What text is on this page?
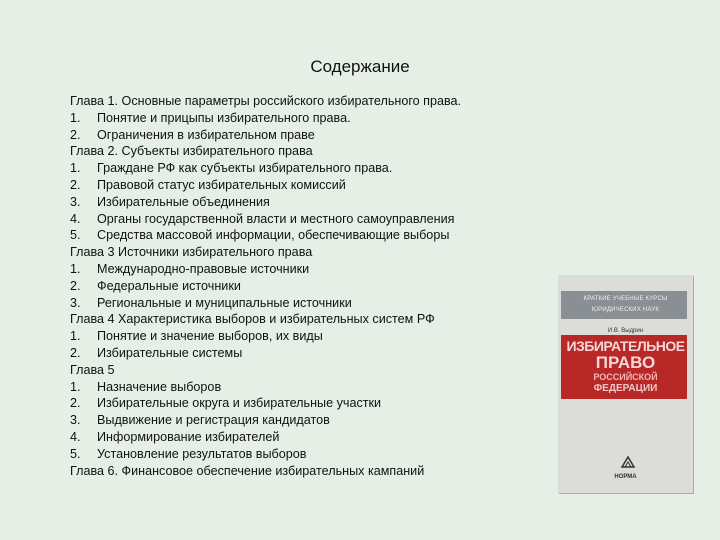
Содержание
Глава 1. Основные параметры российского избирательного права.
1. Понятие и прицыпы избирательного права.
2. Ограничения в избирательном праве
Глава 2. Субъекты избирательного права
1. Граждане РФ как субъекты избирательного права.
2. Правовой статус избирательных комиссий
3. Избирательные объединения
4. Органы государственной власти и местного самоуправления
5. Средства массовой информации, обеспечивающие выборы
Глава 3 Источники избирательного права
1. Международно-правовые источники
2. Федеральные источники
3. Региональные и муниципальные источники
Глава 4 Характеристика выборов и избирательных систем РФ
1. Понятие и значение выборов, их виды
2. Избирательные системы
Глава 5
1. Назначение выборов
2. Избирательные округа и избирательные участки
3. Выдвижение и регистрация кандидатов
4. Информирование избирателей
5. Установление результатов выборов
Глава 6. Финансовое обеспечение избирательных кампаний
КРАТКИЕ УЧЕБНЫЕ КУРСЫ
ЮРИДИЧЕСКИХ НАУК
И.В. Выдрин
ИЗБИРАТЕЛЬНОЕ
ПРАВО
РОССИЙСКОЙ
ФЕДЕРАЦИИ
НОРМА
